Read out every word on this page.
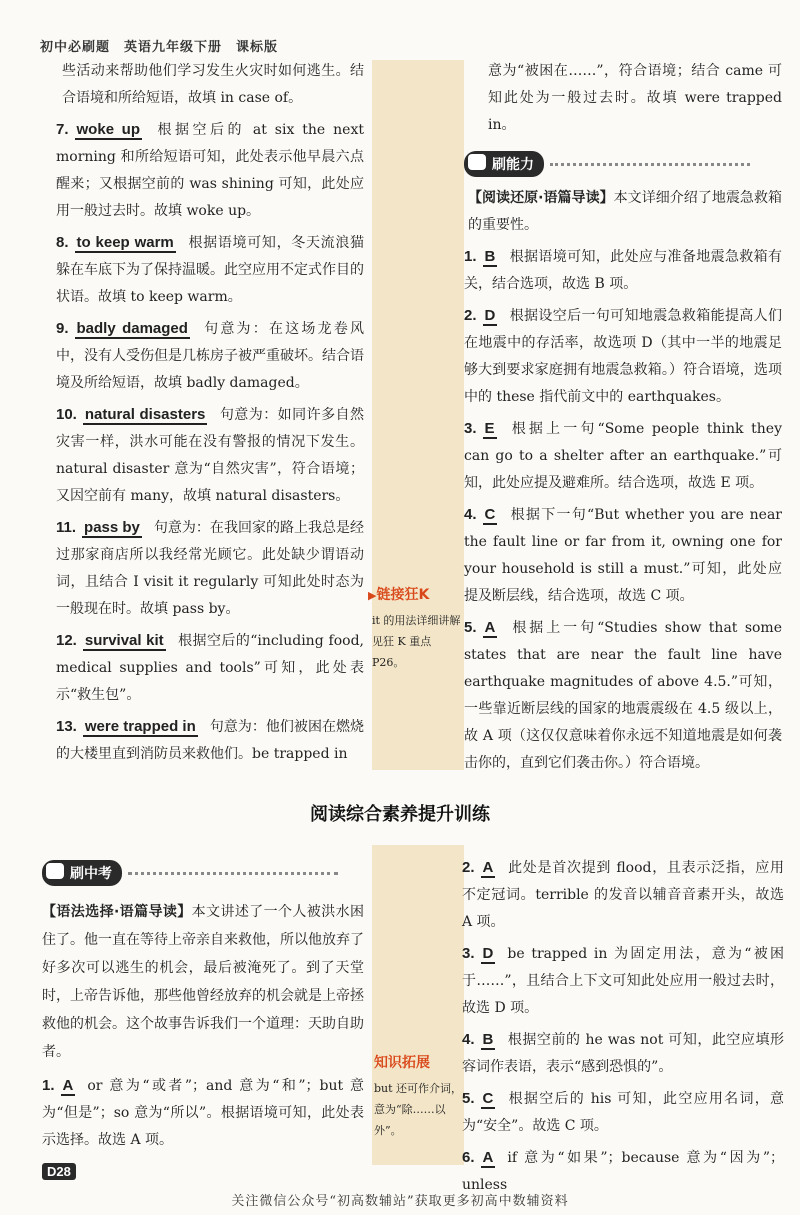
初中必刷题　英语九年级下册　课标版

些活动来帮助他们学习发生火灾时如何逃生。结合语境和所给短语，故填 in case of。

7. woke up 根据空后的 at six the next morning 和所给短语可知，此处表示他早晨六点醒来；又根据空前的 was shining 可知，此处应用一般过去时。故填 woke up。
8. to keep warm 根据语境可知，冬天流浪猫躲在车底下为了保持温暖。此空应用不定式作目的状语。故填 to keep warm。
9. badly damaged 句意为：在这场龙卷风中，没有人受伤但是几栋房子被严重破坏。结合语境及所给短语，故填 badly damaged。
10. natural disasters 句意为：如同许多自然灾害一样，洪水可能在没有警报的情况下发生。natural disaster 意为“自然灾害”，符合语境；又因空前有 many，故填 natural disasters。
11. pass by 句意为：在我回家的路上我总是经过那家商店所以我经常光顾它。此处缺少谓语动词，且结合 I visit it regularly 可知此处时态为一般现在时。故填 pass by。
12. survival kit 根据空后的“including food, medical supplies and tools”可知，此处表示“救生包”。
13. were trapped in 句意为：他们被困在燃烧的大楼里直到消防员来救他们。be trapped in
▶链接狂K
it 的用法详细讲解见狂 K 重点 P26。

意为“被困在……”，符合语境；结合 came 可知此处为一般过去时。故填 were trapped in。

刷能力

【阅读还原·语篇导读】本文详细介绍了地震急救箱的重要性。

1. B 根据语境可知，此处应与准备地震急救箱有关，结合选项，故选 B 项。
2. D 根据设空后一句可知地震急救箱能提高人们在地震中的存活率，故选项 D（其中一半的地震足够大到要求家庭拥有地震急救箱。）符合语境，选项中的 these 指代前文中的 earthquakes。
3. E 根据上一句“Some people think they can go to a shelter after an earthquake.”可知，此处应提及避难所。结合选项，故选 E 项。
4. C 根据下一句“But whether you are near the fault line or far from it, owning one for your household is still a must.”可知，此处应提及断层线，结合选项，故选 C 项。
5. A 根据上一句“Studies show that some states that are near the fault line have earthquake magnitudes of above 4.5.”可知，一些靠近断层线的国家的地震震级在 4.5 级以上，故 A 项（这仅仅意味着你永远不知道地震是如何袭击你的，直到它们袭击你。）符合语境。
阅读综合素养提升训练
刷中考

【语法选择·语篇导读】本文讲述了一个人被洪水困住了。他一直在等待上帝亲自来救他，所以他放弃了好多次可以逃生的机会，最后被淹死了。到了天堂时，上帝告诉他，那些他曾经放弃的机会就是上帝拯救他的机会。这个故事告诉我们一个道理：天助自助者。

1. A or 意为“或者”；and 意为“和”；but 意为“但是”；so 意为“所以”。根据语境可知，此处表示选择。故选 A 项。
知识拓展
but 还可作介词，意为“除……以外”。
2. A 此处是首次提到 flood，且表示泛指，应用不定冠词。terrible 的发音以辅音音素开头，故选 A 项。
3. D be trapped in 为固定用法，意为“被困于……”，且结合上下文可知此处应用一般过去时，故选 D 项。
4. B 根据空前的 he was not 可知，此空应填形容词作表语，表示“感到恐惧的”。
5. C 根据空后的 his 可知，此空应用名词，意为“安全”。故选 C 项。
6. A if 意为“如果”；because 意为“因为”；unless
D28
关注微信公众号“初高数辅站”获取更多初高中数辅资料
